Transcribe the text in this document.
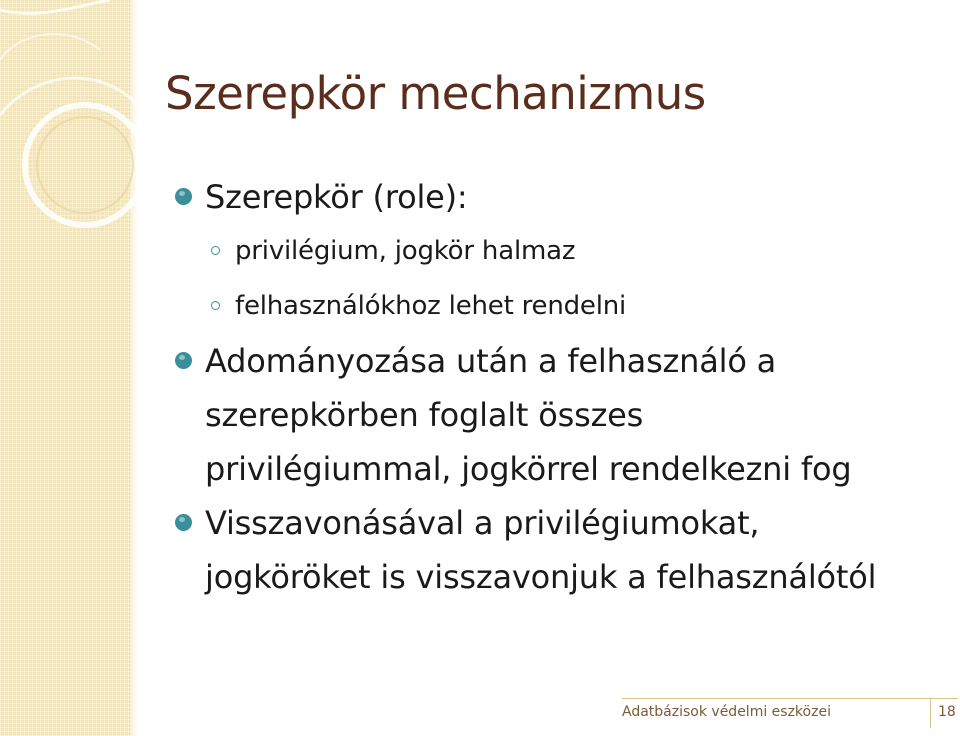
Szerepkör mechanizmus
Szerepkör (role):
privilégium, jogkör halmaz
felhasználókhoz lehet rendelni
Adományozása után a felhasználó a
szerepkörben foglalt összes
privilégiummal, jogkörrel rendelkezni fog
Visszavonásával a privilégiumokat,
jogköröket is visszavonjuk a felhasználótól
Adatbázisok védelmi eszközei	18
